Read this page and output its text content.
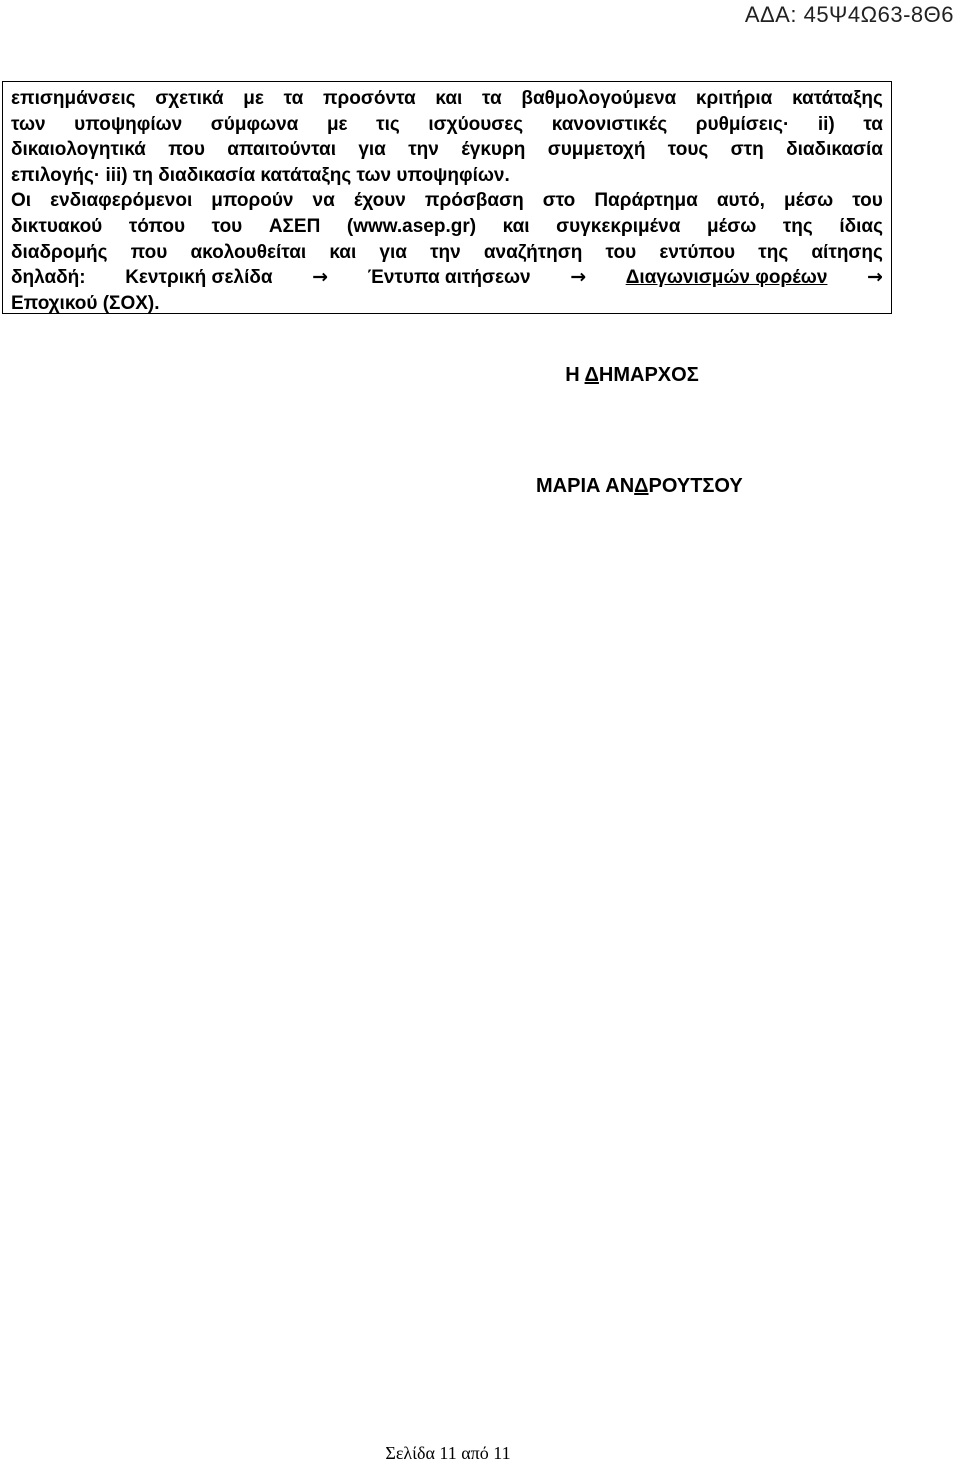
ΑΔΑ: 45Ψ4Ω63-8Θ6
επισημάνσεις σχετικά με τα προσόντα και τα βαθμολογούμενα κριτήρια κατάταξης
των υποψηφίων σύμφωνα με τις ισχύουσες κανονιστικές ρυθμίσεις· ii) τα
δικαιολογητικά που απαιτούνται για την έγκυρη συμμετοχή τους στη διαδικασία
επιλογής· iii) τη διαδικασία κατάταξης των υποψηφίων.
Οι ενδιαφερόμενοι μπορούν να έχουν πρόσβαση στο Παράρτημα αυτό, μέσω του
δικτυακού τόπου του ΑΣΕΠ (www.asep.gr) και συγκεκριμένα μέσω της ίδιας
διαδρομής που ακολουθείται και για την αναζήτηση του εντύπου της αίτησης
δηλαδή: Κεντρική σελίδα → Έντυπα αιτήσεων → Διαγωνισμών φορέων →
Εποχικού (ΣΟΧ).
Η ΔΗΜΑΡΧΟΣ
ΜΑΡΙΑ ΑΝΔΡΟΥΤΣΟΥ
Σελίδα 11 από 11
